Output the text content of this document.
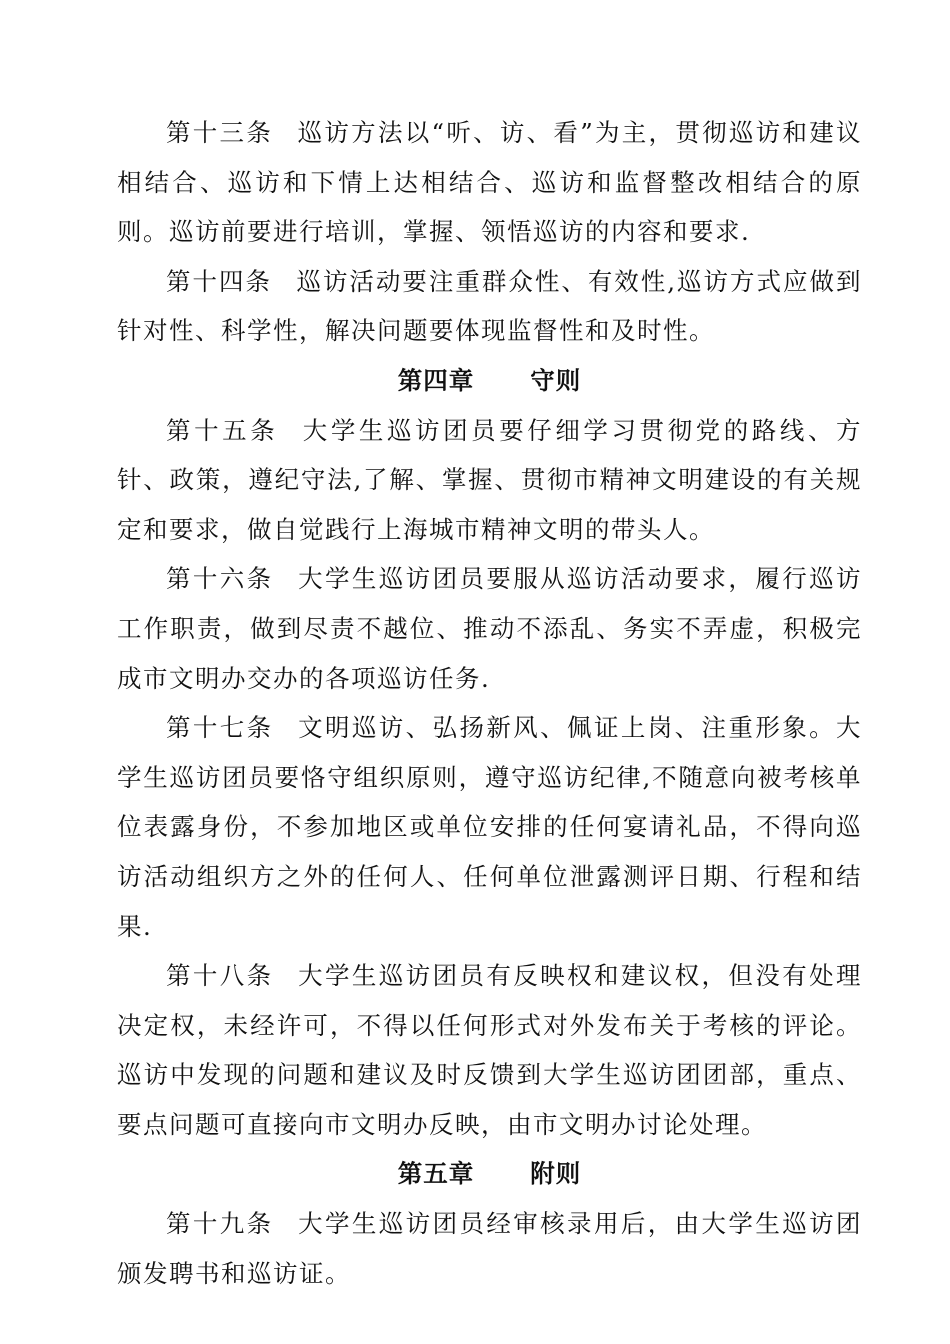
第十三条 巡访方法以“听、访、看”为主，贯彻巡访和建议相结合、巡访和下情上达相结合、巡访和监督整改相结合的原则。巡访前要进行培训，掌握、领悟巡访的内容和要求.

第十四条 巡访活动要注重群众性、有效性,巡访方式应做到针对性、科学性，解决问题要体现监督性和及时性。

第四章 守则

第十五条 大学生巡访团员要仔细学习贯彻党的路线、方针、政策，遵纪守法,了解、掌握、贯彻市精神文明建设的有关规定和要求，做自觉践行上海城市精神文明的带头人。

第十六条 大学生巡访团员要服从巡访活动要求，履行巡访工作职责，做到尽责不越位、推动不添乱、务实不弄虚，积极完成市文明办交办的各项巡访任务.

第十七条 文明巡访、弘扬新风、佩证上岗、注重形象。大学生巡访团员要恪守组织原则，遵守巡访纪律,不随意向被考核单位表露身份，不参加地区或单位安排的任何宴请礼品，不得向巡访活动组织方之外的任何人、任何单位泄露测评日期、行程和结果.

第十八条 大学生巡访团员有反映权和建议权，但没有处理决定权，未经许可，不得以任何形式对外发布关于考核的评论。巡访中发现的问题和建议及时反馈到大学生巡访团团部，重点、要点问题可直接向市文明办反映，由市文明办讨论处理。

第五章 附则

第十九条 大学生巡访团员经审核录用后，由大学生巡访团颁发聘书和巡访证。
